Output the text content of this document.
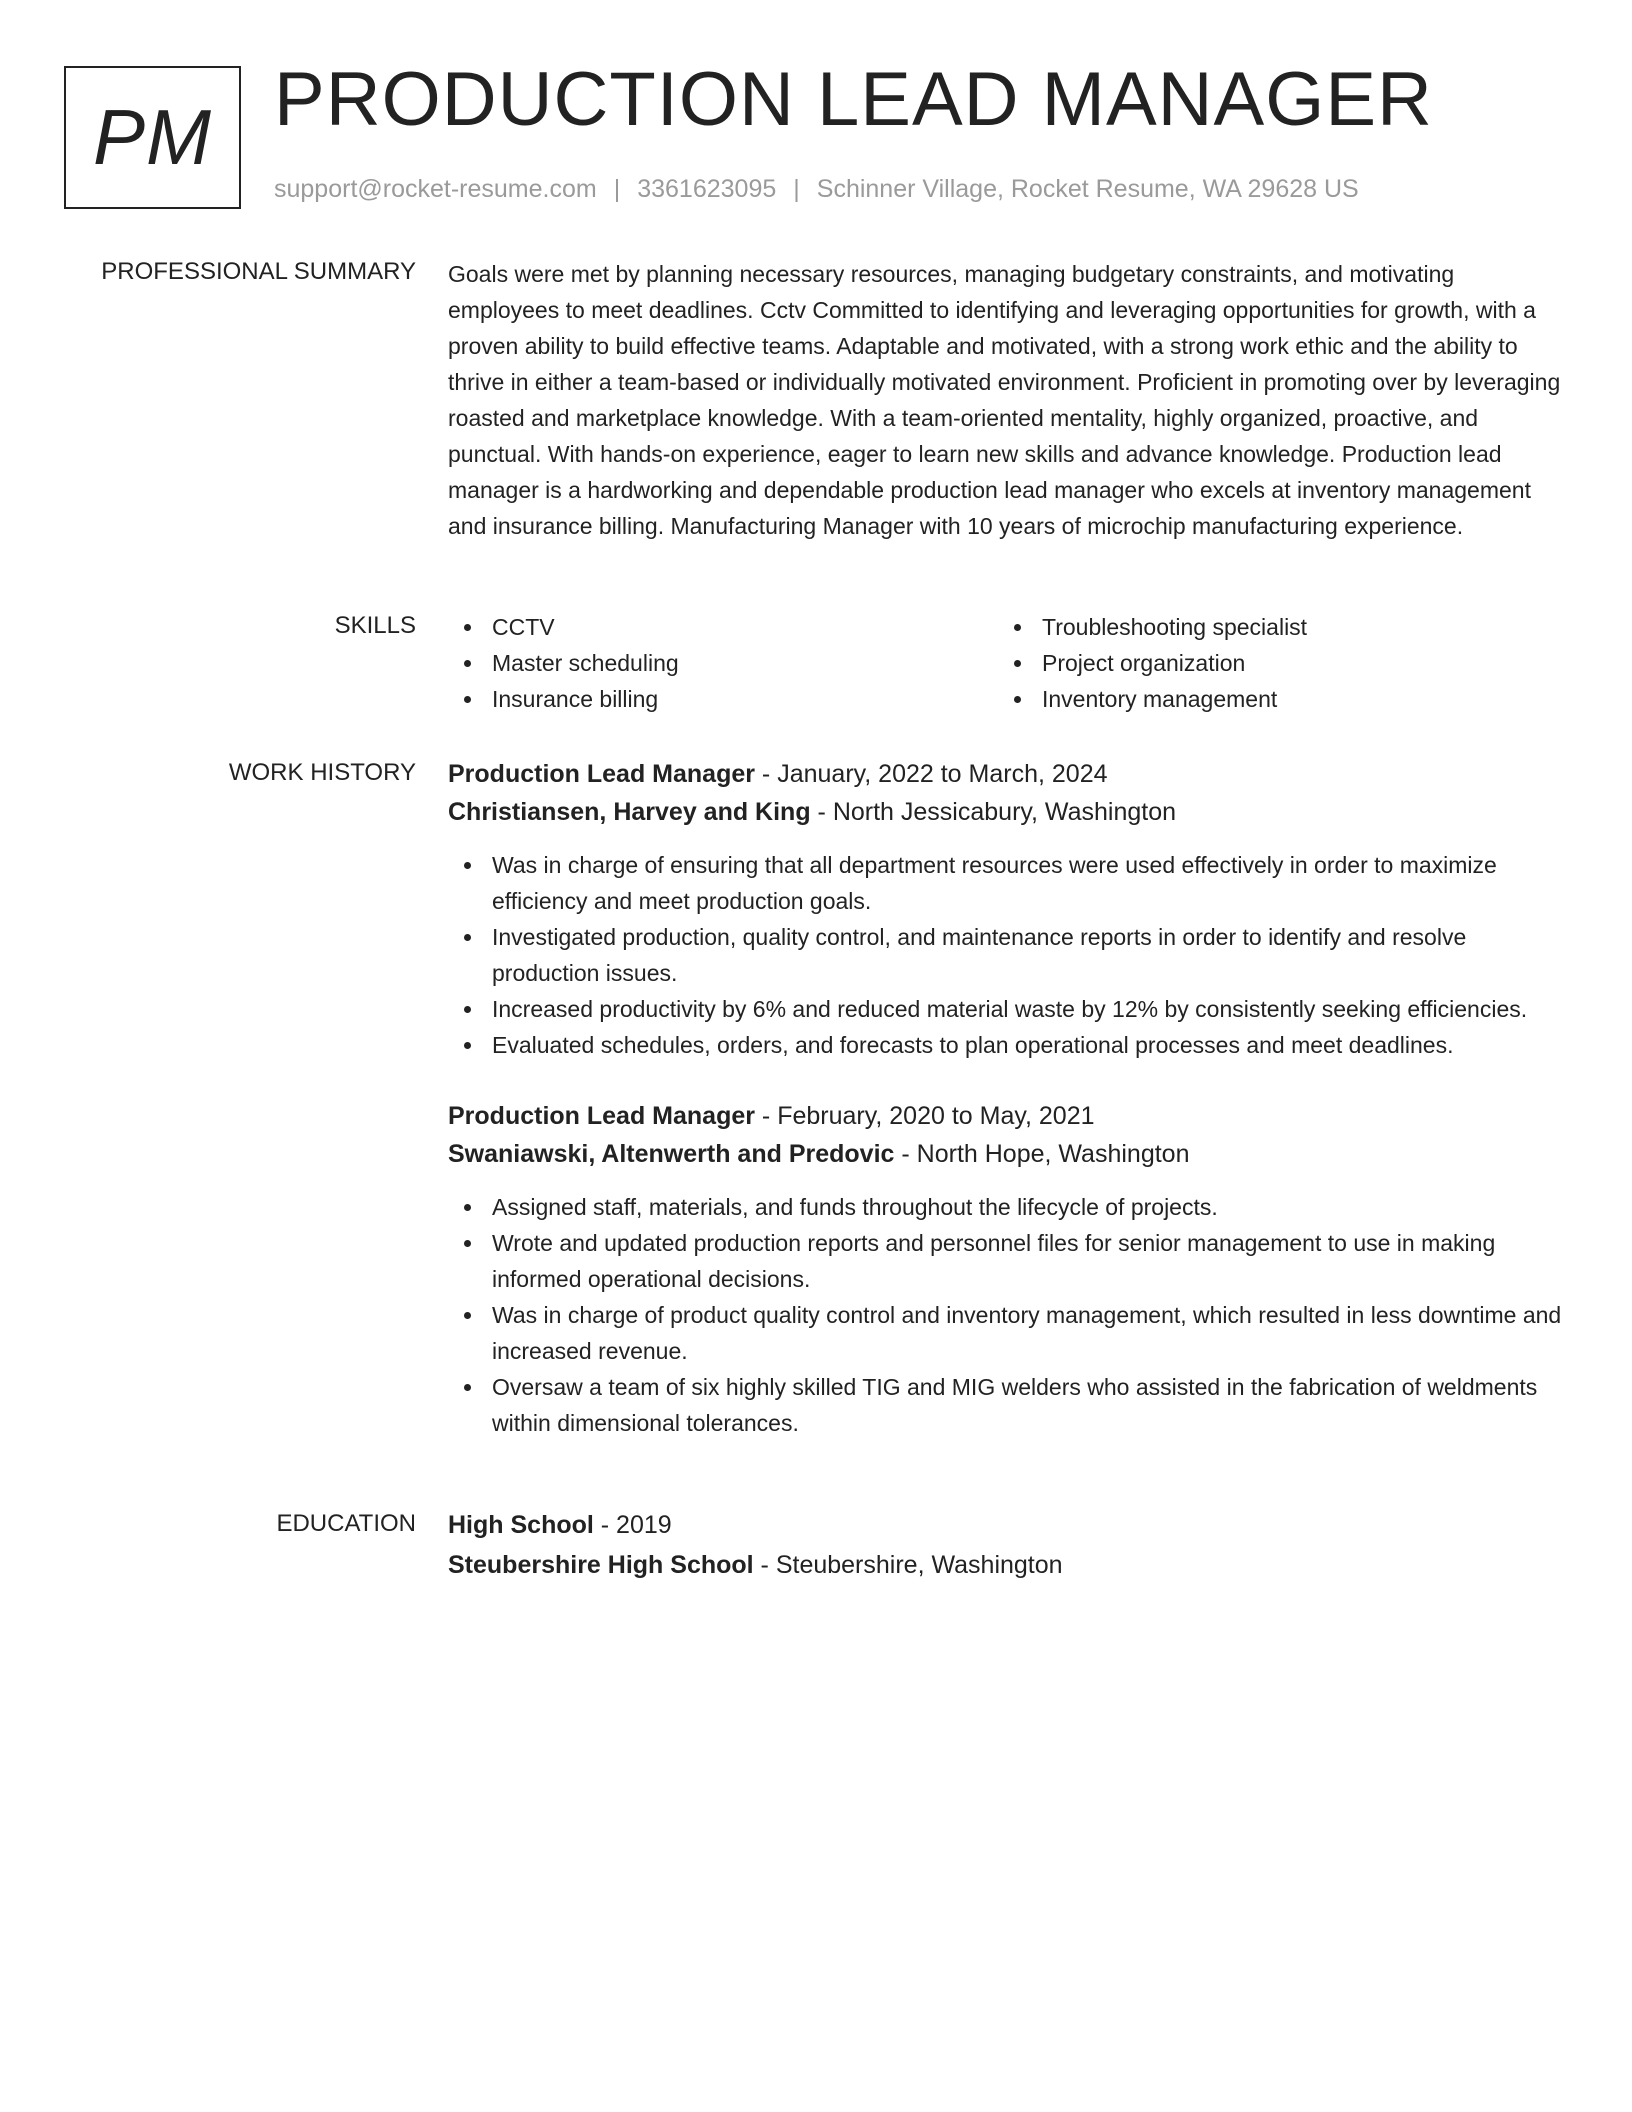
PM PRODUCTION LEAD MANAGER
support@rocket-resume.com | 3361623095 | Schinner Village, Rocket Resume, WA 29628 US
PROFESSIONAL SUMMARY Goals were met by planning necessary resources, managing budgetary constraints, and motivating employees to meet deadlines. Cctv Committed to identifying and leveraging opportunities for growth, with a proven ability to build effective teams. Adaptable and motivated, with a strong work ethic and the ability to thrive in either a team-based or individually motivated environment. Proficient in promoting over by leveraging roasted and marketplace knowledge. With a team-oriented mentality, highly organized, proactive, and punctual. With hands-on experience, eager to learn new skills and advance knowledge. Production lead manager is a hardworking and dependable production lead manager who excels at inventory management and insurance billing. Manufacturing Manager with 10 years of microchip manufacturing experience.
SKILLS	CCTV	Troubleshooting specialist
Master scheduling	Project organization
Insurance billing	Inventory management
WORK HISTORY Production Lead Manager - January, 2022 to March, 2024
Christiansen, Harvey and King - North Jessicabury, Washington
Was in charge of ensuring that all department resources were used effectively in order to maximize efficiency and meet production goals.
Investigated production, quality control, and maintenance reports in order to identify and resolve production issues.
Increased productivity by 6% and reduced material waste by 12% by consistently seeking efficiencies.
Evaluated schedules, orders, and forecasts to plan operational processes and meet deadlines.
Production Lead Manager - February, 2020 to May, 2021
Swaniawski, Altenwerth and Predovic - North Hope, Washington
Assigned staff, materials, and funds throughout the lifecycle of projects.
Wrote and updated production reports and personnel files for senior management to use in making informed operational decisions.
Was in charge of product quality control and inventory management, which resulted in less downtime and increased revenue.
Oversaw a team of six highly skilled TIG and MIG welders who assisted in the fabrication of weldments within dimensional tolerances.
EDUCATION High School - 2019
Steubershire High School - Steubershire, Washington
